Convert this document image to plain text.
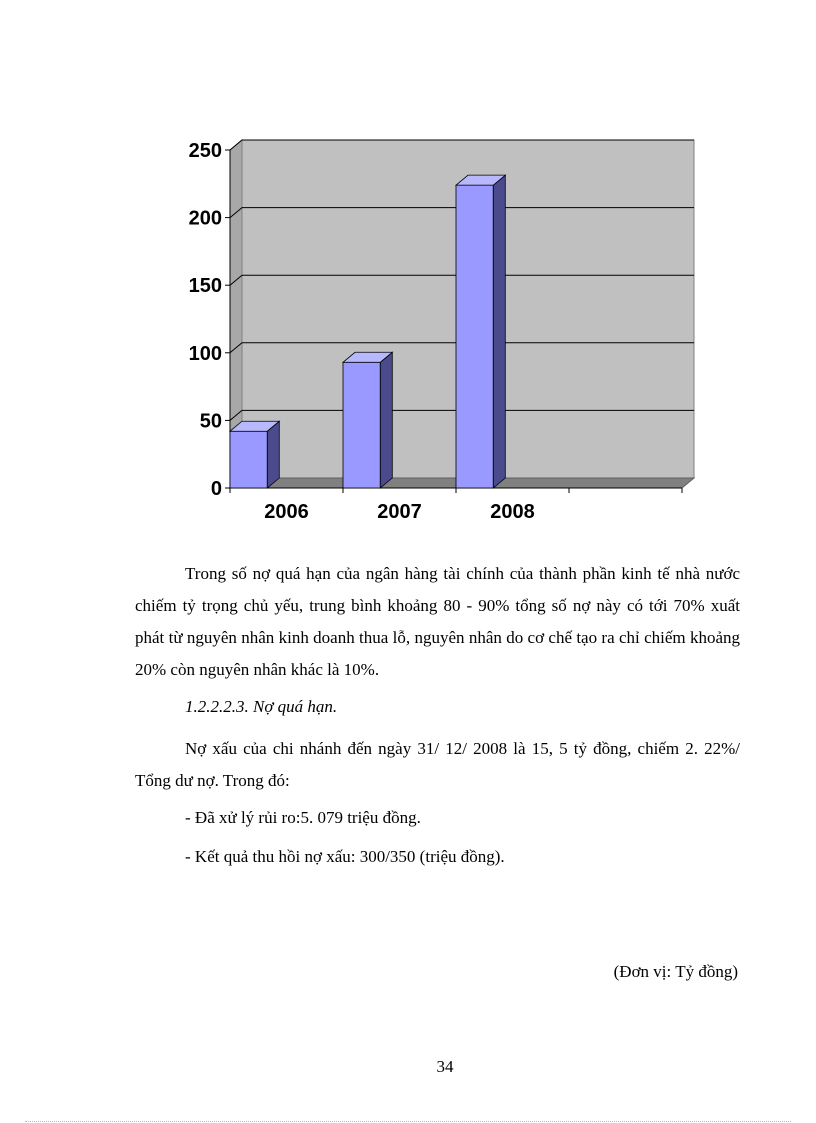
0
50
100
150
200
250
2006	2007	2008

Trong số nợ quá hạn của ngân hàng tài chính của thành phần kinh tế nhà nước chiếm tỷ trọng chủ yếu, trung bình khoảng 80 - 90% tổng số nợ này có tới 70% xuất phát từ nguyên nhân kinh doanh thua lỗ, nguyên nhân do cơ chế tạo ra chỉ chiếm khoảng 20% còn nguyên nhân khác là 10%.

1.2.2.2.3. Nợ quá hạn.

Nợ xấu của chi nhánh đến ngày 31/ 12/ 2008 là 15, 5 tỷ đồng, chiếm 2. 22%/ Tổng dư nợ. Trong đó:

- Đã xử lý rủi ro:5. 079 triệu đồng.

- Kết quả thu hồi nợ xấu: 300/350 (triệu đồng).

(Đơn vị: Tỷ đồng)

34
